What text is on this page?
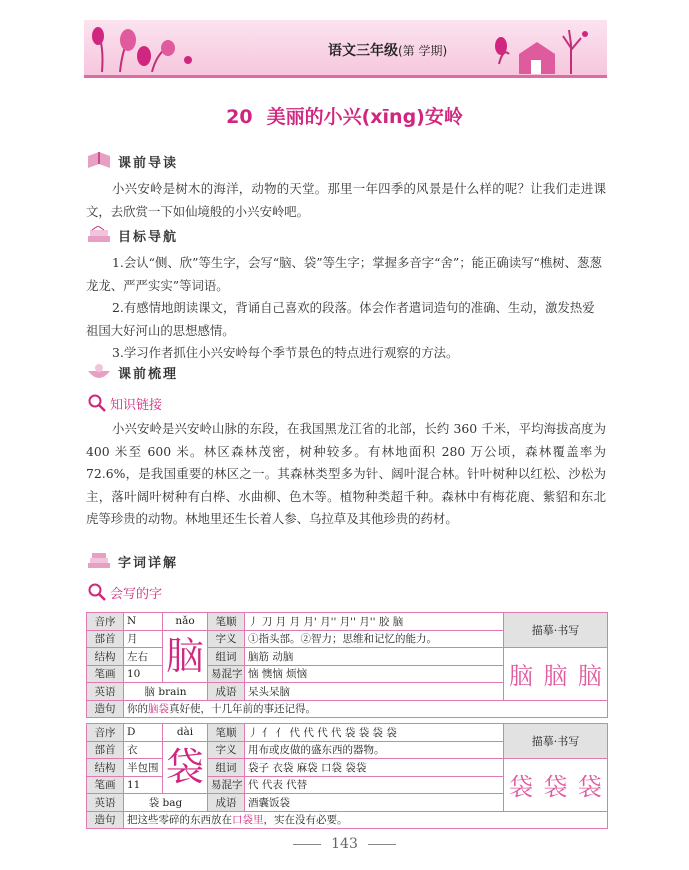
语文三年级(第 学期)
20 美丽的小兴(xīng)安岭
课前导读
小兴安岭是树木的海洋，动物的天堂。那里一年四季的风景是什么样的呢？让我们走进课文，去欣赏一下如仙境般的小兴安岭吧。
目标导航
1.会认“侧、欣”等生字，会写“脑、袋”等生字；掌握多音字“舍”；能正确读写“樵树、葱葱龙龙、严严实实”等词语。
2.有感情地朗读课文，背诵自己喜欢的段落。体会作者遣词造句的准确、生动，激发热爱祖国大好河山的思想感情。
3.学习作者抓住小兴安岭每个季节景色的特点进行观察的方法。
课前梳理
知识链接
小兴安岭是兴安岭山脉的东段，在我国黑龙江省的北部，长约 360 千米，平均海拔高度为 400 米至 600 米。林区森林茂密，树种较多。有林地面积 280 万公顷，森林覆盖率为 72.6%，是我国重要的林区之一。其森林类型多为针、阔叶混合林。针叶树种以红松、沙松为主，落叶阔叶树种有白桦、水曲柳、色木等。植物种类超千种。森林中有梅花鹿、紫貂和东北虎等珍贵的动物。林地里还生长着人参、乌拉草及其他珍贵的药材。
字词详解
会写的字
音序	N	nǎo	笔顺	丿 刀 月 月 月' 月'' 月'' 月'' 胶 脑	描摹·书写
部首	月	脑	字义	①指头部。②智力；思维和记忆的能力。	
结构	左右		组词	脑筋 动脑	脑 脑 脑

笔画	10		易混字	恼 懊恼 烦恼	
英语	脑 brain		成语	呆头呆脑	
造句	你的脑袋真好使，十几年前的事还记得。				
音序	D	dài	笔顺	丿 亻 亻 代 代 代 代 袋 袋 袋 袋	描摹·书写
部首	衣	袋	字义	用布或皮做的盛东西的器物。	
结构	半包围		组词	袋子 衣袋 麻袋 口袋 袋袋	袋 袋 袋

笔画	11		易混字	代 代表 代替	
英语	袋 bag		成语	酒囊饭袋	
造句	把这些零碎的东西放在口袋里，实在没有必要。				
143
